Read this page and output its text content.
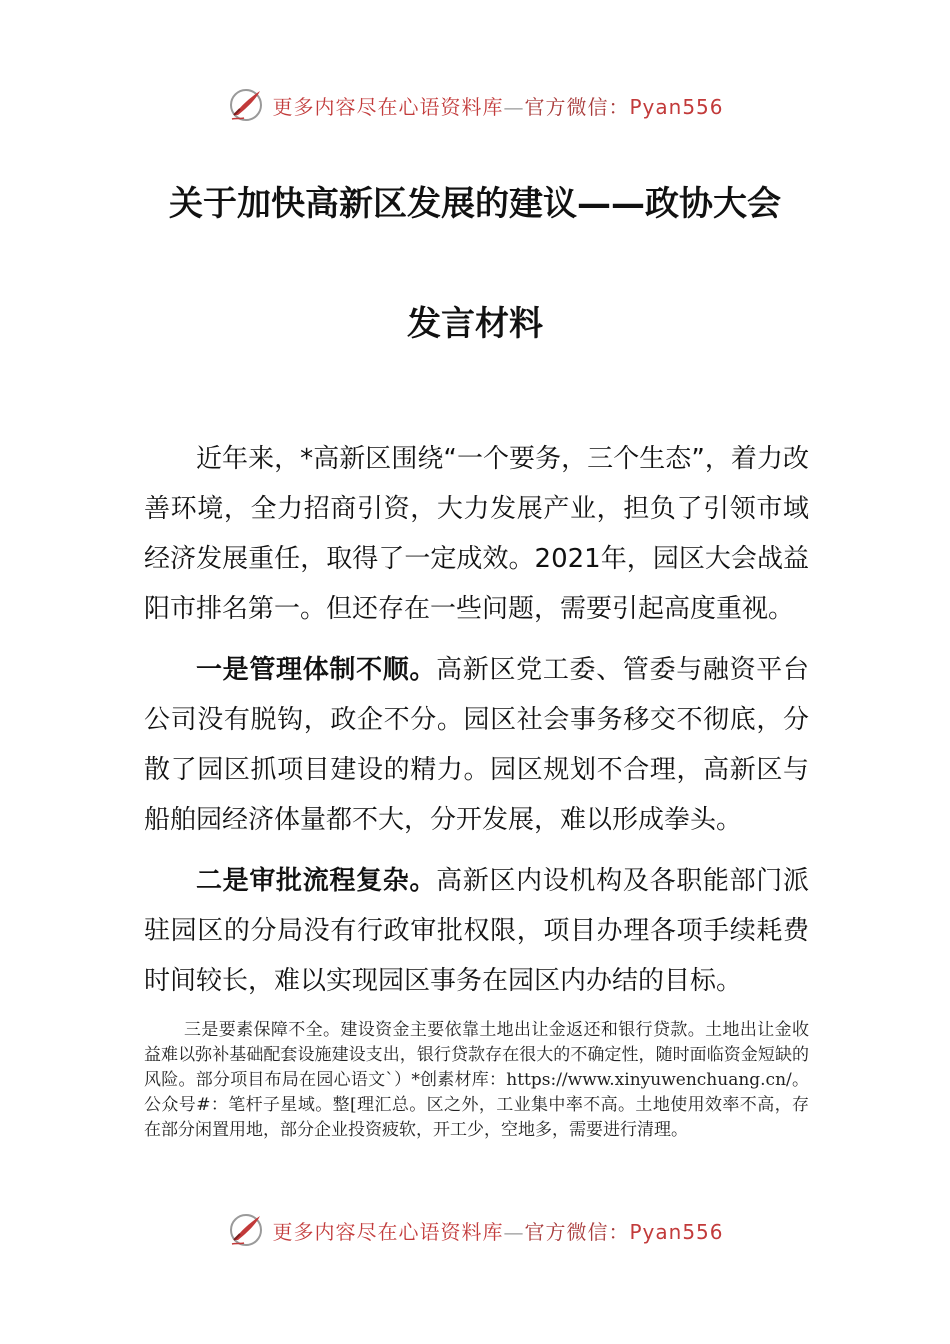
更多内容尽在心语资料库—官方微信：Pyan556
关于加快高新区发展的建议——政协大会
发言材料

近年来，*高新区围绕“一个要务，三个生态”，着力改善环境，全力招商引资，大力发展产业，担负了引领市域经济发展重任，取得了一定成效。2021年，园区大会战益阳市排名第一。但还存在一些问题，需要引起高度重视。

一是管理体制不顺。高新区党工委、管委与融资平台公司没有脱钩，政企不分。园区社会事务移交不彻底，分散了园区抓项目建设的精力。园区规划不合理，高新区与船舶园经济体量都不大，分开发展，难以形成拳头。

二是审批流程复杂。高新区内设机构及各职能部门派驻园区的分局没有行政审批权限，项目办理各项手续耗费时间较长，难以实现园区事务在园区内办结的目标。

三是要素保障不全。建设资金主要依靠土地出让金返还和银行贷款。土地出让金收益难以弥补基础配套设施建设支出，银行贷款存在很大的不确定性，随时面临资金短缺的风险。部分项目布局在园心语文`）*创素材库：https://www.xinyuwenchuang.cn/。公众号#：笔杆子星域。整[理汇总。区之外，工业集中率不高。土地使用效率不高，存在部分闲置用地，部分企业投资疲软，开工少，空地多，需要进行清理。

更多内容尽在心语资料库—官方微信：Pyan556
